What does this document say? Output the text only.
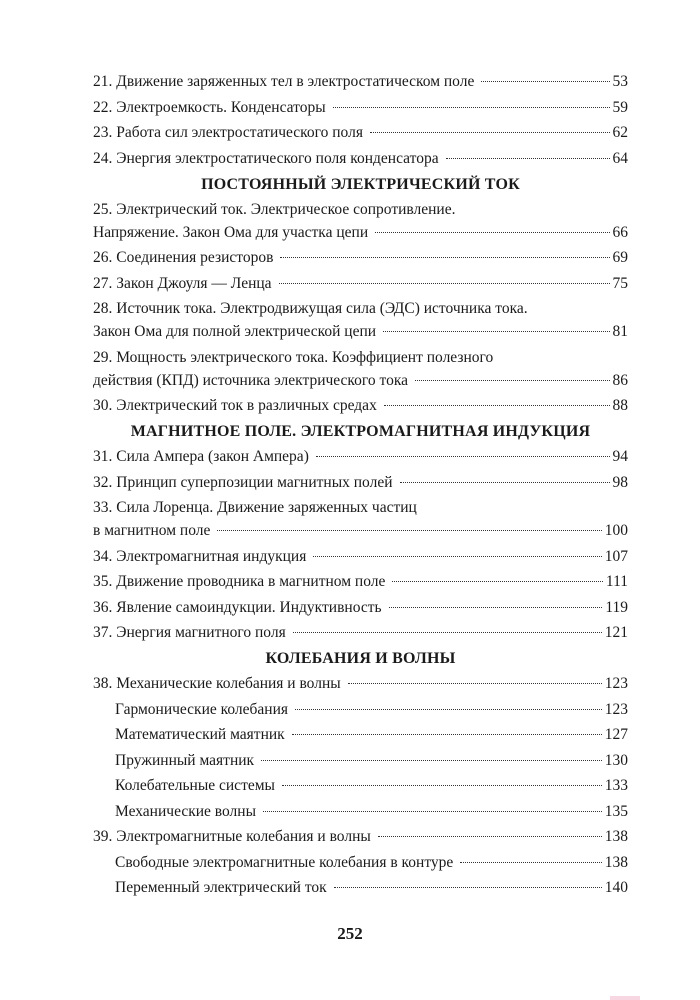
21. Движение заряженных тел в электростатическом поле	53
22. Электроемкость. Конденсаторы	59
23. Работа сил электростатического поля	62
24. Энергия электростатического поля конденсатора	64
ПОСТОЯННЫЙ ЭЛЕКТРИЧЕСКИЙ ТОК
25. Электрический ток. Электрическое сопротивление.
Напряжение. Закон Ома для участка цепи	66
26. Соединения резисторов	69
27. Закон Джоуля — Ленца	75
28. Источник тока. Электродвижущая сила (ЭДС) источника тока.
Закон Ома для полной электрической цепи	81
29. Мощность электрического тока. Коэффициент полезного
действия (КПД) источника электрического тока	86
30. Электрический ток в различных средах	88
МАГНИТНОЕ ПОЛЕ. ЭЛЕКТРОМАГНИТНАЯ ИНДУКЦИЯ
31. Сила Ампера (закон Ампера)	94
32. Принцип суперпозиции магнитных полей	98
33. Сила Лоренца. Движение заряженных частиц
в магнитном поле	100
34. Электромагнитная индукция	107
35. Движение проводника в магнитном поле	111
36. Явление самоиндукции. Индуктивность	119
37. Энергия магнитного поля	121
КОЛЕБАНИЯ И ВОЛНЫ
38. Механические колебания и волны	123
Гармонические колебания	123
Математический маятник	127
Пружинный маятник	130
Колебательные системы	133
Механические волны	135
39. Электромагнитные колебания и волны	138
Свободные электромагнитные колебания в контуре	138
Переменный электрический ток	140
252
